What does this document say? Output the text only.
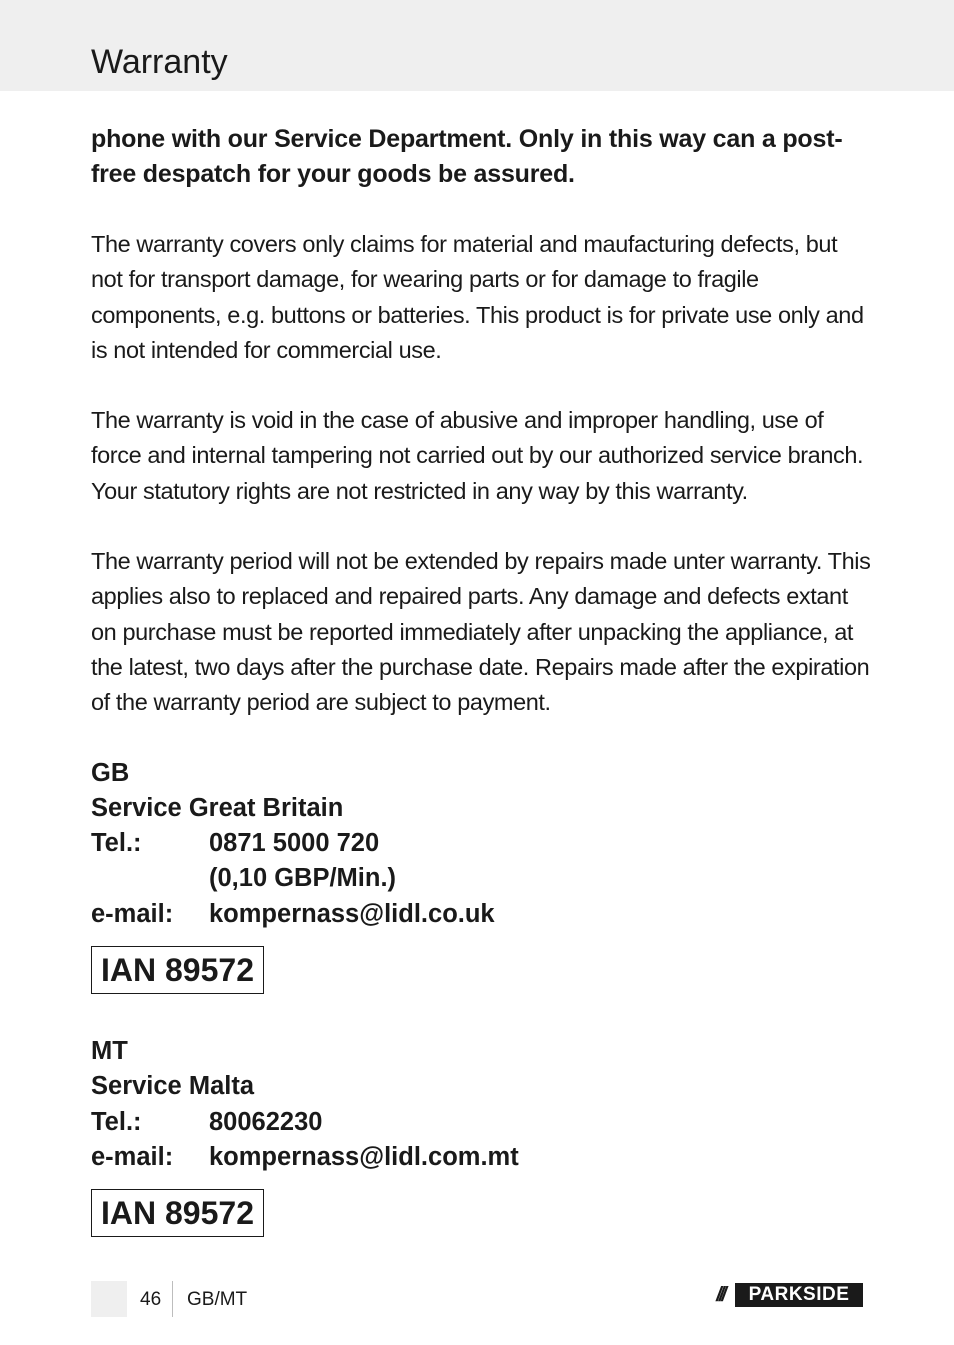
Warranty

phone with our Service Department. Only in this way can a post-free despatch for your goods be assured.

The warranty covers only claims for material and maufacturing defects, but not for transport damage, for wearing parts or for damage to fragile components, e.g. buttons or batteries. This product is for private use only and is not intended for commercial use.

The warranty is void in the case of abusive and improper handling, use of force and internal tampering not carried out by our authorized service branch. Your statutory rights are not restricted in any way by this warranty.

The warranty period will not be extended by repairs made unter warranty. This applies also to replaced and repaired parts. Any damage and defects extant on purchase must be reported immediately after unpacking the appliance, at the latest, two days after the purchase date. Repairs made after the expiration of the warranty period are subject to payment.

GB
Service Great Britain
Tel.:	0871 5000 720
(0,10 GBP/Min.)
e-mail:	kompernass@lidl.co.uk
IAN 89572
MT
Service Malta
Tel.:	80062230
e-mail:	kompernass@lidl.com.mt
IAN 89572
46 GB/MT	///	PARKSIDE
